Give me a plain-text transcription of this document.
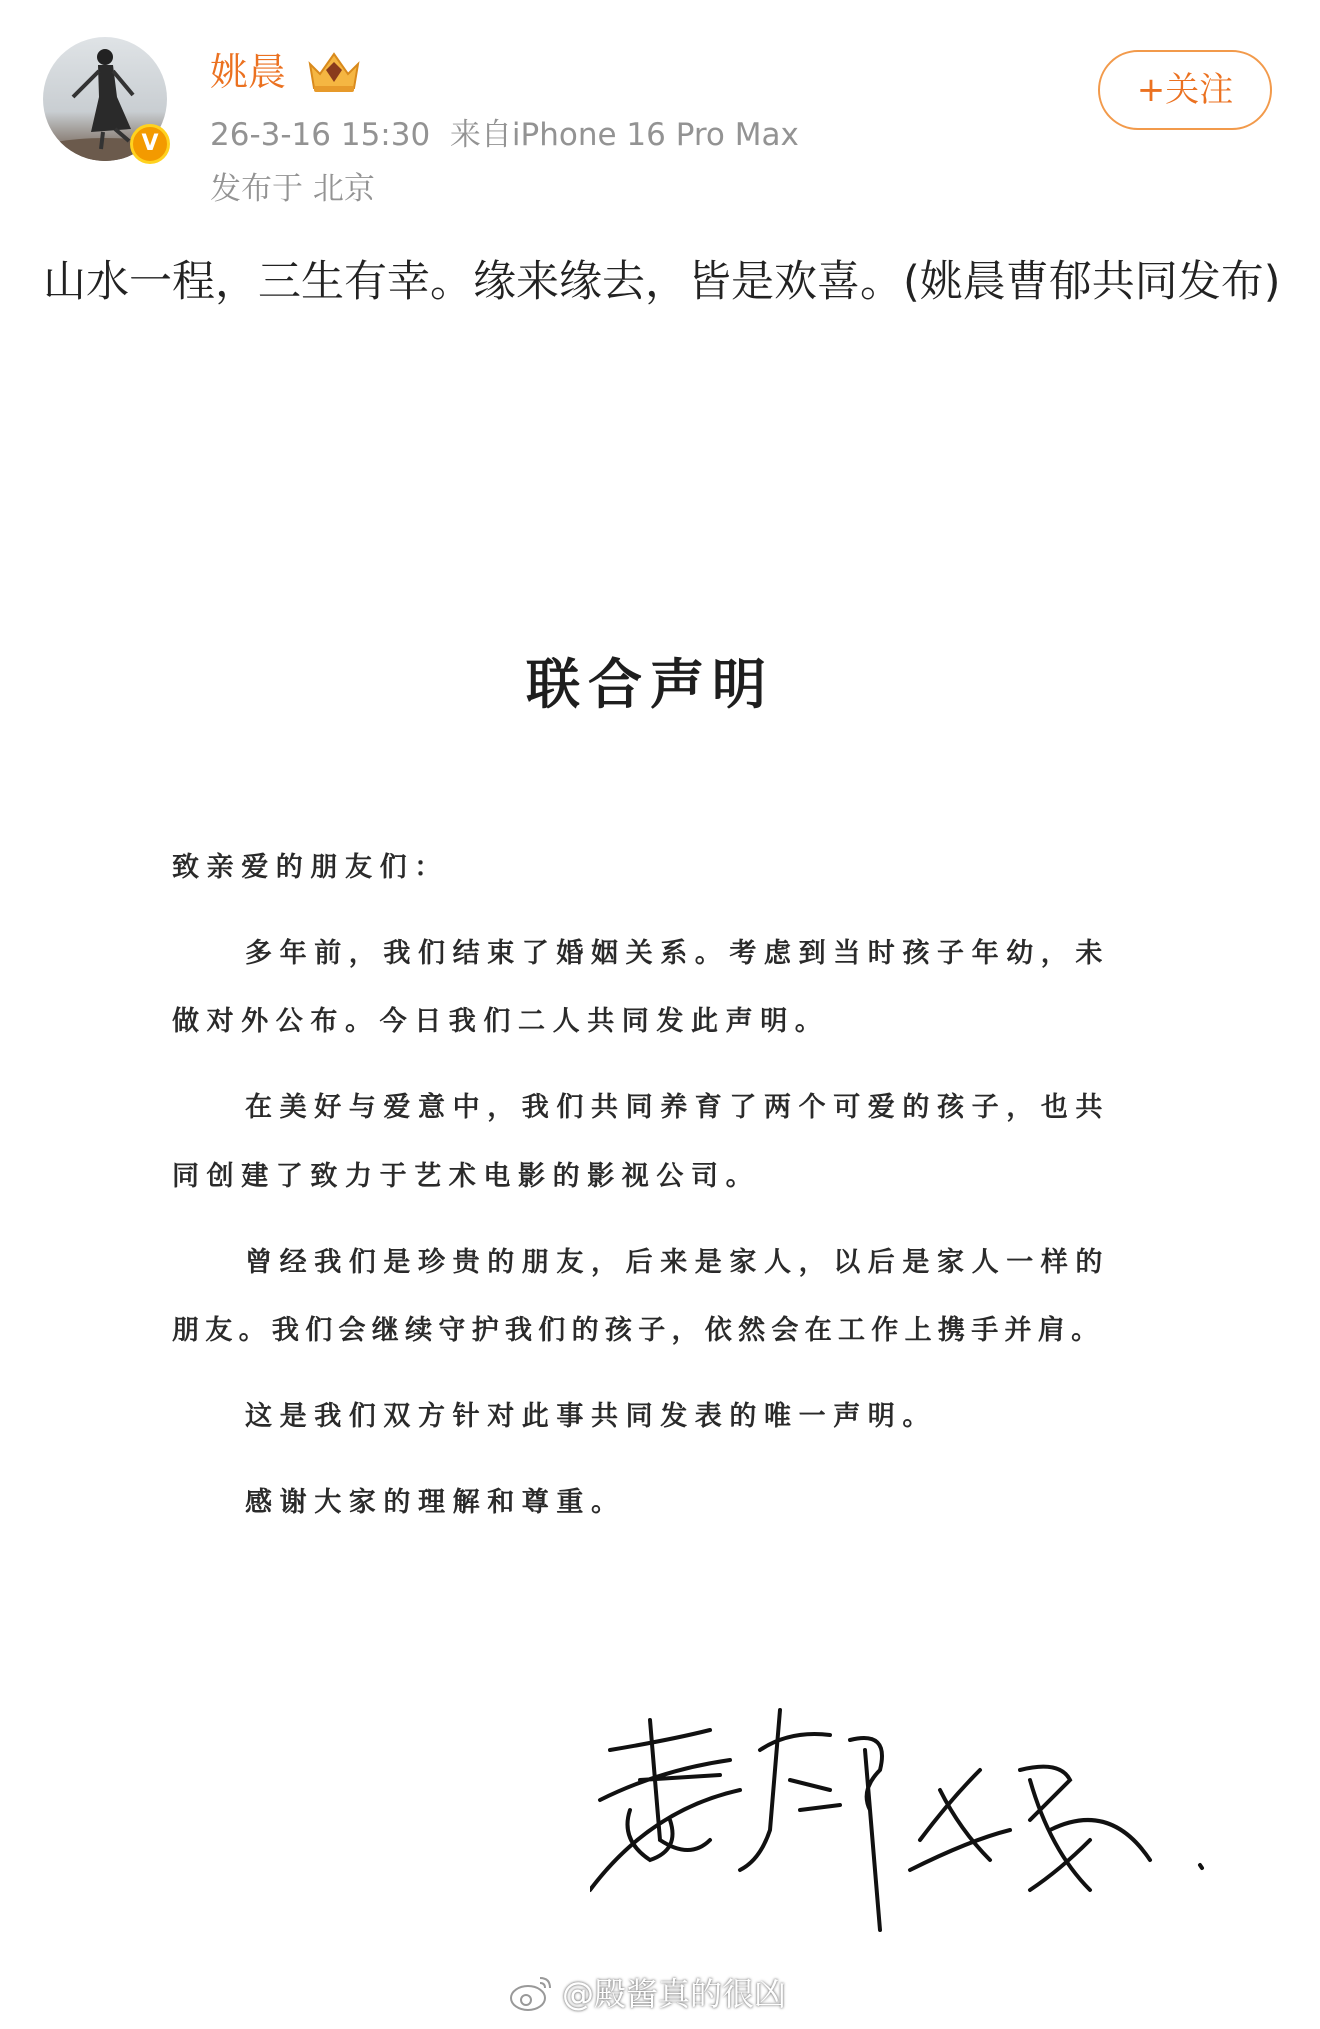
V
姚晨
26-3-16 15:30 来自iPhone 16 Pro Max
发布于 北京
+关注
山水一程，三生有幸。缘来缘去，皆是欢喜。(姚晨曹郁共同发布)
联合声明
致亲爱的朋友们：
多年前，我们结束了婚姻关系。考虑到当时孩子年幼，未
做对外公布。今日我们二人共同发此声明。
在美好与爱意中，我们共同养育了两个可爱的孩子，也共
同创建了致力于艺术电影的影视公司。
曾经我们是珍贵的朋友，后来是家人，以后是家人一样的
朋友。我们会继续守护我们的孩子，依然会在工作上携手并肩。
这是我们双方针对此事共同发表的唯一声明。
感谢大家的理解和尊重。
@殿酱真的很凶
